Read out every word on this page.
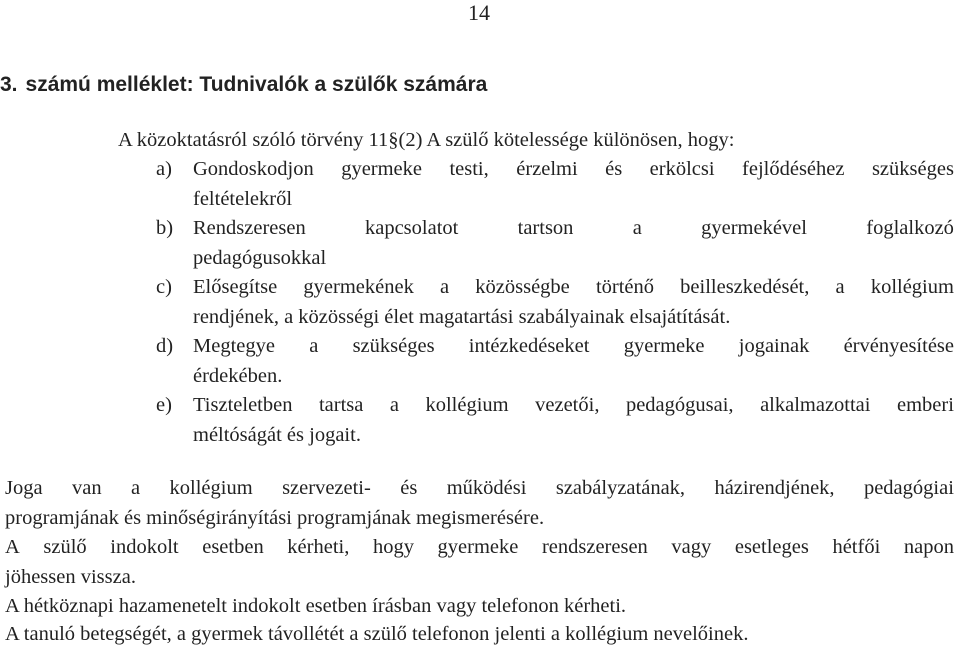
14
3. számú melléklet: Tudnivalók a szülők számára
A közoktatásról szóló törvény 11§(2) A szülő kötelessége különösen, hogy:
a) Gondoskodjon gyermeke testi, érzelmi és erkölcsi fejlődéséhez szükséges
feltételekről
b) Rendszeresen	kapcsolatot	tartson	a	gyermekével	foglalkozó
pedagógusokkal
c) Elősegítse gyermekének a közösségbe történő beilleszkedését, a kollégium
rendjének, a közösségi élet magatartási szabályainak elsajátítását.
d) Megtegye a szükséges intézkedéseket gyermeke jogainak érvényesítése
érdekében.
e) Tiszteletben tartsa a kollégium vezetői, pedagógusai, alkalmazottai emberi
méltóságát és jogait.
Joga van a kollégium szervezeti- és működési szabályzatának, házirendjének, pedagógiai
programjának és minőségirányítási programjának megismerésére.
A szülő indokolt esetben kérheti, hogy gyermeke rendszeresen vagy esetleges hétfői napon
jöhessen vissza.
A hétköznapi hazamenetelt indokolt esetben írásban vagy telefonon kérheti.
A tanuló betegségét, a gyermek távollétét a szülő telefonon jelenti a kollégium nevelőinek.
